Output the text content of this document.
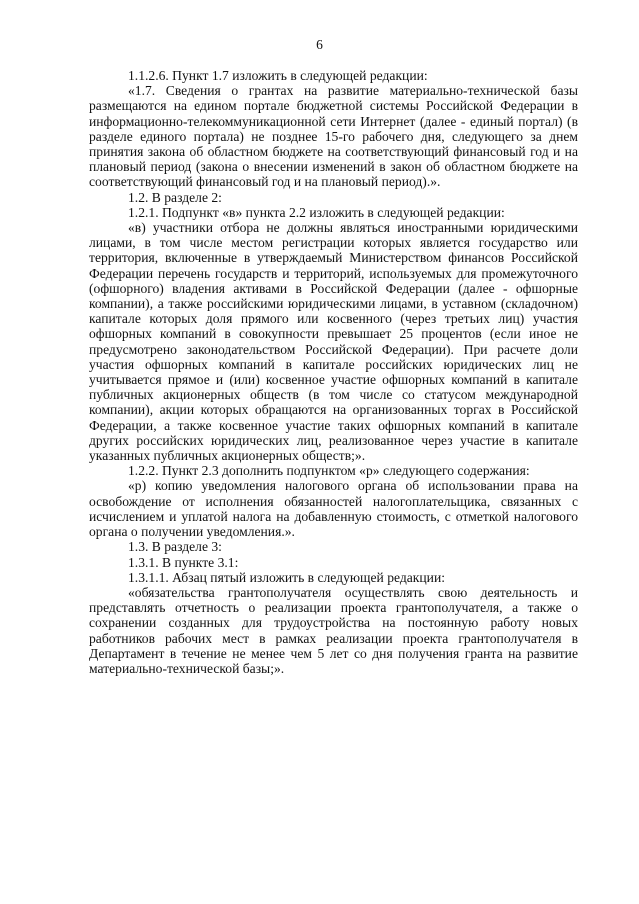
6

1.1.2.6. Пункт 1.7 изложить в следующей редакции:

«1.7. Сведения о грантах на развитие материально-технической базы размещаются на едином портале бюджетной системы Российской Федерации в информационно-телекоммуникационной сети Интернет (далее - единый портал) (в разделе единого портала) не позднее 15-го рабочего дня, следующего за днем принятия закона об областном бюджете на соответствующий финансовый год и на плановый период (закона о внесении изменений в закон об областном бюджете на соответствующий финансовый год и на плановый период).».

1.2. В разделе 2:

1.2.1. Подпункт «в» пункта 2.2 изложить в следующей редакции:

«в) участники отбора не должны являться иностранными юридическими лицами, в том числе местом регистрации которых является государство или территория, включенные в утверждаемый Министерством финансов Российской Федерации перечень государств и территорий, используемых для промежуточного (офшорного) владения активами в Российской Федерации (далее - офшорные компании), а также российскими юридическими лицами, в уставном (складочном) капитале которых доля прямого или косвенного (через третьих лиц) участия офшорных компаний в совокупности превышает 25 процентов (если иное не предусмотрено законодательством Российской Федерации). При расчете доли участия офшорных компаний в капитале российских юридических лиц не учитывается прямое и (или) косвенное участие офшорных компаний в капитале публичных акционерных обществ (в том числе со статусом международной компании), акции которых обращаются на организованных торгах в Российской Федерации, а также косвенное участие таких офшорных компаний в капитале других российских юридических лиц, реализованное через участие в капитале указанных публичных акционерных обществ;».

1.2.2. Пункт 2.3 дополнить подпунктом «р» следующего содержания:

«р) копию уведомления налогового органа об использовании права на освобождение от исполнения обязанностей налогоплательщика, связанных с исчислением и уплатой налога на добавленную стоимость, с отметкой налогового органа о получении уведомления.».

1.3. В разделе 3:

1.3.1. В пункте 3.1:

1.3.1.1. Абзац пятый изложить в следующей редакции:

«обязательства грантополучателя осуществлять свою деятельность и представлять отчетность о реализации проекта грантополучателя, а также о сохранении созданных для трудоустройства на постоянную работу новых работников рабочих мест в рамках реализации проекта грантополучателя в Департамент в течение не менее чем 5 лет со дня получения гранта на развитие материально-технической базы;».
